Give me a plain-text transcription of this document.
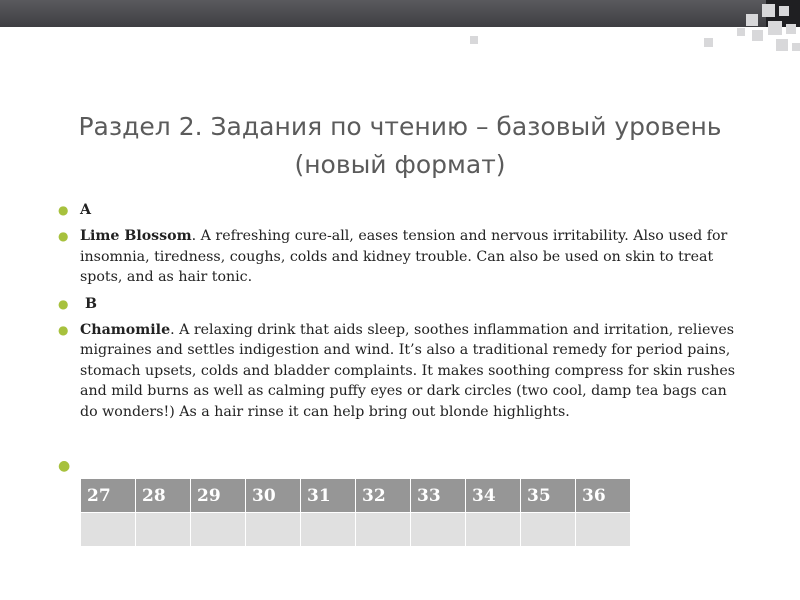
Раздел 2. Задания по чтению – базовый уровень (новый формат)
● A
● Lime Blossom. A refreshing cure-all, eases tension and nervous irritability. Also used for insomnia, tiredness, coughs, colds and kidney trouble. Can also be used on skin to treat spots, and as hair tonic.
● B
● Chamomile. A relaxing drink that aids sleep, soothes inflammation and irritation, relieves migraines and settles indigestion and wind. It’s also a traditional remedy for period pains, stomach upsets, colds and bladder complaints. It makes soothing compress for skin rushes and mild burns as well as calming puffy eyes or dark circles (two cool, damp tea bags can do wonders!) As a hair rinse it can help bring out blonde highlights.
●
27	28	29	30	31	32	33	34	35	36
